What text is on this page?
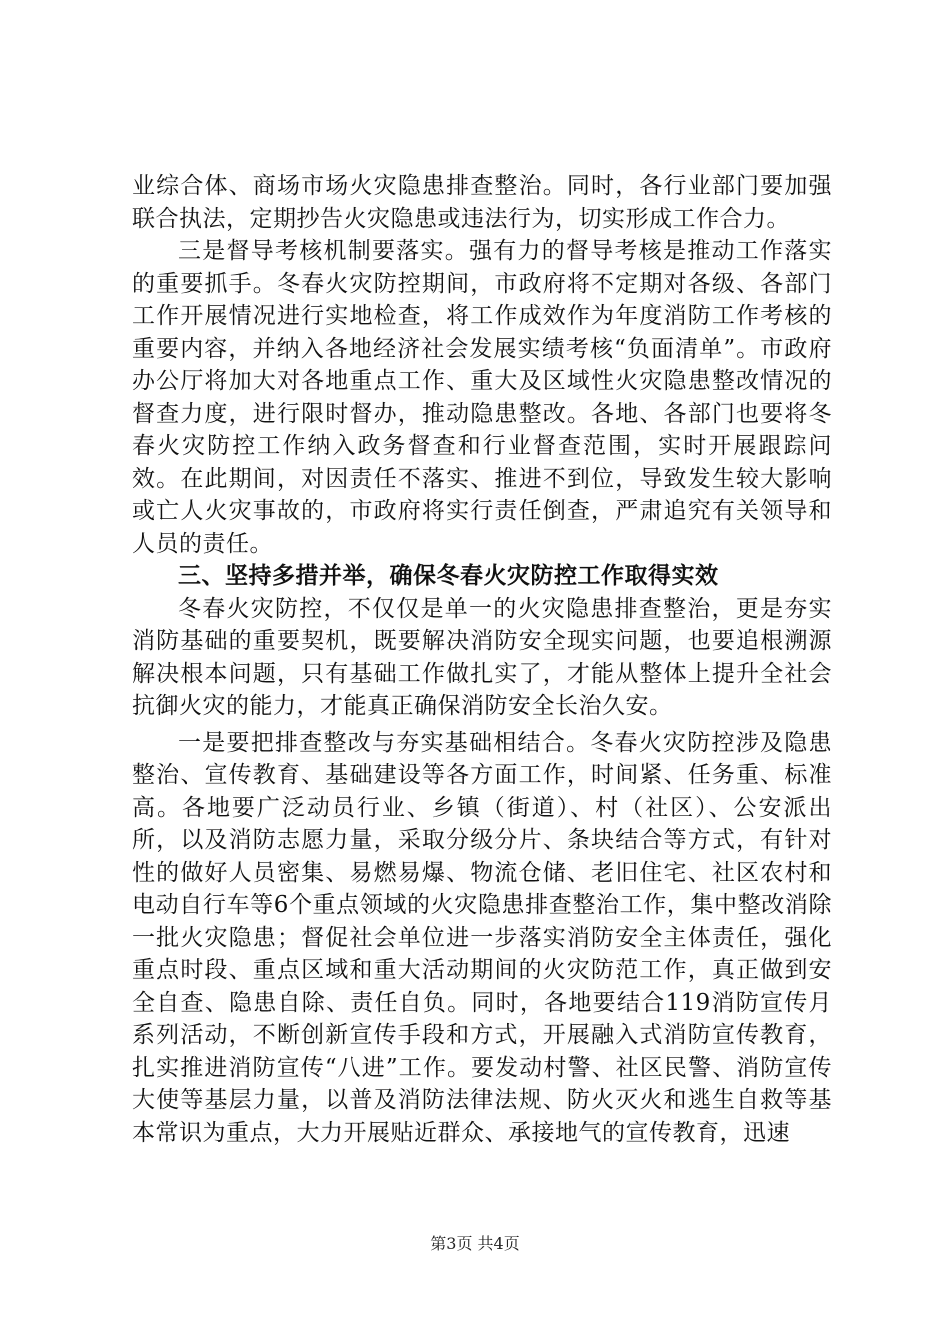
业综合体、商场市场火灾隐患排查整治。同时，各行业部门要加强联合执法，定期抄告火灾隐患或违法行为，切实形成工作合力。

三是督导考核机制要落实。强有力的督导考核是推动工作落实的重要抓手。冬春火灾防控期间，市政府将不定期对各级、各部门工作开展情况进行实地检查，将工作成效作为年度消防工作考核的重要内容，并纳入各地经济社会发展实绩考核“负面清单”。市政府办公厅将加大对各地重点工作、重大及区域性火灾隐患整改情况的督查力度，进行限时督办，推动隐患整改。各地、各部门也要将冬春火灾防控工作纳入政务督查和行业督查范围，实时开展跟踪问效。在此期间，对因责任不落实、推进不到位，导致发生较大影响或亡人火灾事故的，市政府将实行责任倒查，严肃追究有关领导和人员的责任。

三、坚持多措并举，确保冬春火灾防控工作取得实效

冬春火灾防控，不仅仅是单一的火灾隐患排查整治，更是夯实消防基础的重要契机，既要解决消防安全现实问题，也要追根溯源解决根本问题，只有基础工作做扎实了，才能从整体上提升全社会抗御火灾的能力，才能真正确保消防安全长治久安。

一是要把排查整改与夯实基础相结合。冬春火灾防控涉及隐患整治、宣传教育、基础建设等各方面工作，时间紧、任务重、标准高。各地要广泛动员行业、乡镇（街道）、村（社区）、公安派出所，以及消防志愿力量，采取分级分片、条块结合等方式，有针对性的做好人员密集、易燃易爆、物流仓储、老旧住宅、社区农村和电动自行车等6个重点领域的火灾隐患排查整治工作，集中整改消除一批火灾隐患；督促社会单位进一步落实消防安全主体责任，强化重点时段、重点区域和重大活动期间的火灾防范工作，真正做到安全自查、隐患自除、责任自负。同时，各地要结合119消防宣传月系列活动，不断创新宣传手段和方式，开展融入式消防宣传教育，扎实推进消防宣传“八进”工作。要发动村警、社区民警、消防宣传大使等基层力量，以普及消防法律法规、防火灭火和逃生自救等基本常识为重点，大力开展贴近群众、承接地气的宣传教育，迅速

第3页 共4页
